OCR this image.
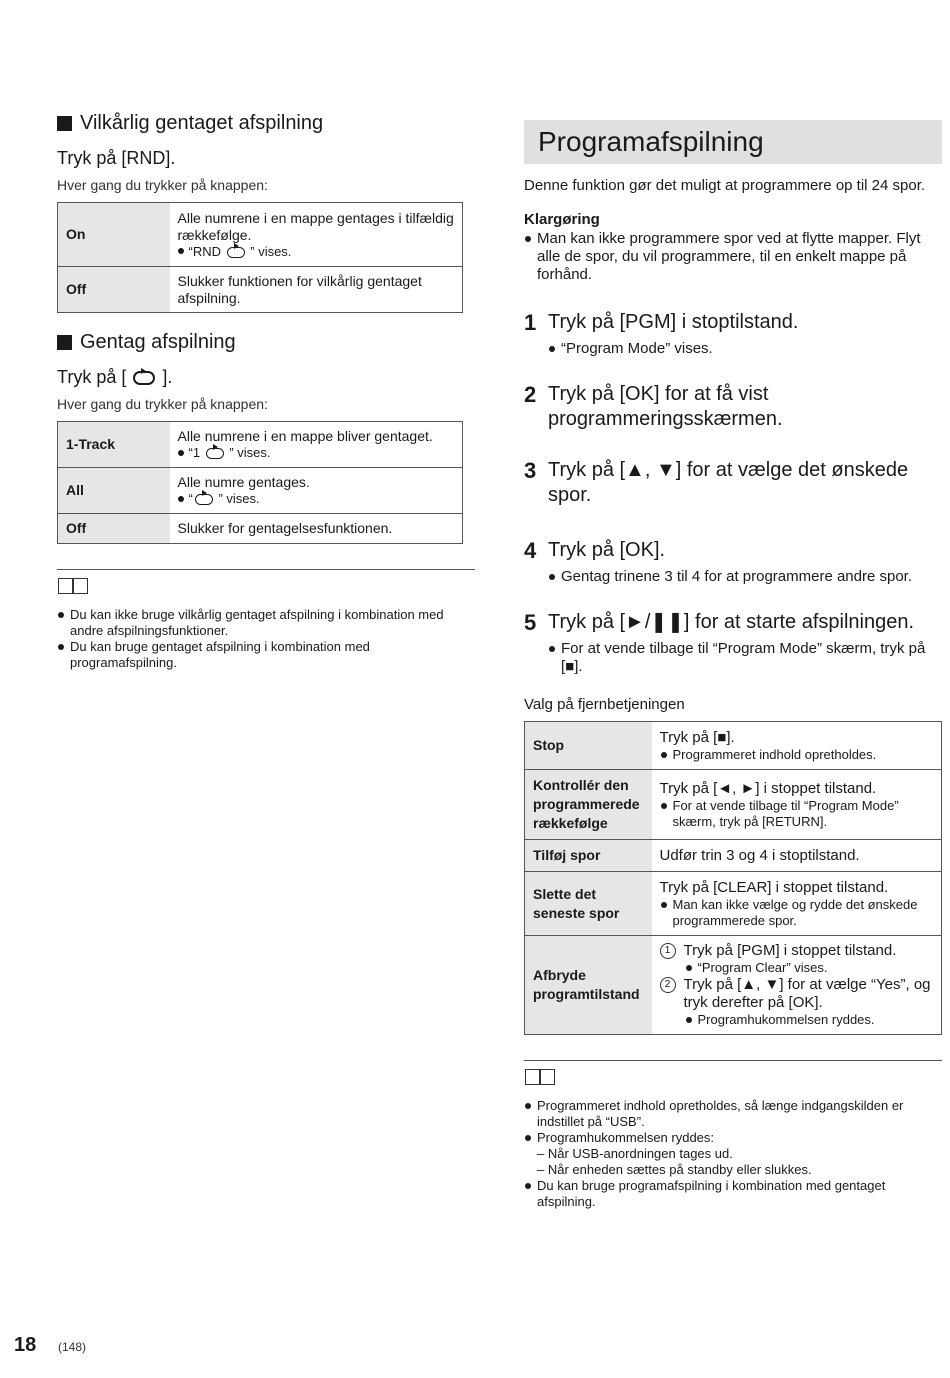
Vilkårlig gentaget afspilning
Tryk på [RND].
Hver gang du trykker på knappen:
On	Alle numrene i en mappe gentages i tilfældig rækkefølge.
“RND ” vises.

Off	Slukker funktionen for vilkårlig gentaget afspilning.
Gentag afspilning
Tryk på [ ].
Hver gang du trykker på knappen:
1-Track	Alle numrene i en mappe bliver gentaget.
“1 ” vises.

All	Alle numre gentages.
“ ” vises.

Off	Slukker for gentagelsesfunktionen.
Du kan ikke bruge vilkårlig gentaget afspilning i kombination med andre afspilningsfunktioner.
Du kan bruge gentaget afspilning i kombination med programafspilning.
Programafspilning
Denne funktion gør det muligt at programmere op til 24 spor.
Klargøring
Man kan ikke programmere spor ved at flytte mapper. Flyt alle de spor, du vil programmere, til en enkelt mappe på forhånd.
1 Tryk på [PGM] i stoptilstand.
“Program Mode” vises.
2 Tryk på [OK] for at få vist programmeringsskærmen.
3 Tryk på [▲, ▼] for at vælge det ønskede spor.
4 Tryk på [OK].
Gentag trinene 3 til 4 for at programmere andre spor.
5 Tryk på [►/❚❚] for at starte afspilningen.
For at vende tilbage til “Program Mode” skærm, tryk på [■].
Valg på fjernbetjeningen
Stop	Tryk på [■].
Programmeret indhold opretholdes.

Kontrollér den programmerede rækkefølge	Tryk på [◄, ►] i stoppet tilstand.
For at vende tilbage til “Program Mode” skærm, tryk på [RETURN].

Tilføj spor	Udfør trin 3 og 4 i stoptilstand.
Slette det seneste spor	Tryk på [CLEAR] i stoppet tilstand.
Man kan ikke vælge og rydde det ønskede programmerede spor.

Afbryde programtilstand	1 Tryk på [PGM] i stoppet tilstand.
“Program Clear” vises.
2 Tryk på [▲, ▼] for at vælge “Yes”, og tryk derefter på [OK].
Programhukommelsen ryddes.
Programmeret indhold opretholdes, så længe indgangskilden er indstillet på “USB”.
Programhukommelsen ryddes:
– Når USB-anordningen tages ud.
– Når enheden sættes på standby eller slukkes.
Du kan bruge programafspilning i kombination med gentaget afspilning.
18 (148)
